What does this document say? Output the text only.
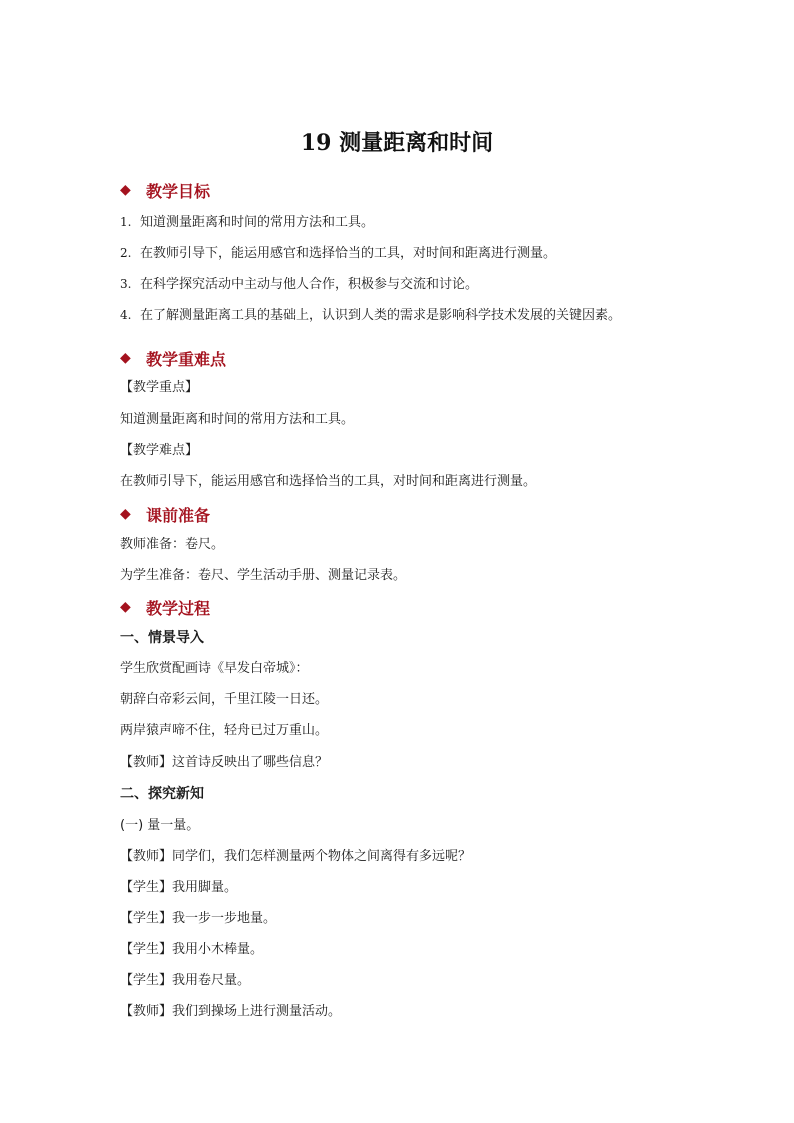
19 测量距离和时间
◆ 教学目标
1. 知道测量距离和时间的常用方法和工具。
2. 在教师引导下，能运用感官和选择恰当的工具，对时间和距离进行测量。
3. 在科学探究活动中主动与他人合作，积极参与交流和讨论。
4. 在了解测量距离工具的基础上，认识到人类的需求是影响科学技术发展的关键因素。
◆ 教学重难点
【教学重点】
知道测量距离和时间的常用方法和工具。
【教学难点】
在教师引导下，能运用感官和选择恰当的工具，对时间和距离进行测量。
◆ 课前准备
教师准备：卷尺。
为学生准备：卷尺、学生活动手册、测量记录表。
◆ 教学过程
一、情景导入
学生欣赏配画诗《早发白帝城》：
朝辞白帝彩云间，千里江陵一日还。
两岸猿声啼不住，轻舟已过万重山。
【教师】这首诗反映出了哪些信息？
二、探究新知
(一) 量一量。
【教师】同学们，我们怎样测量两个物体之间离得有多远呢？
【学生】我用脚量。
【学生】我一步一步地量。
【学生】我用小木棒量。
【学生】我用卷尺量。
【教师】我们到操场上进行测量活动。
